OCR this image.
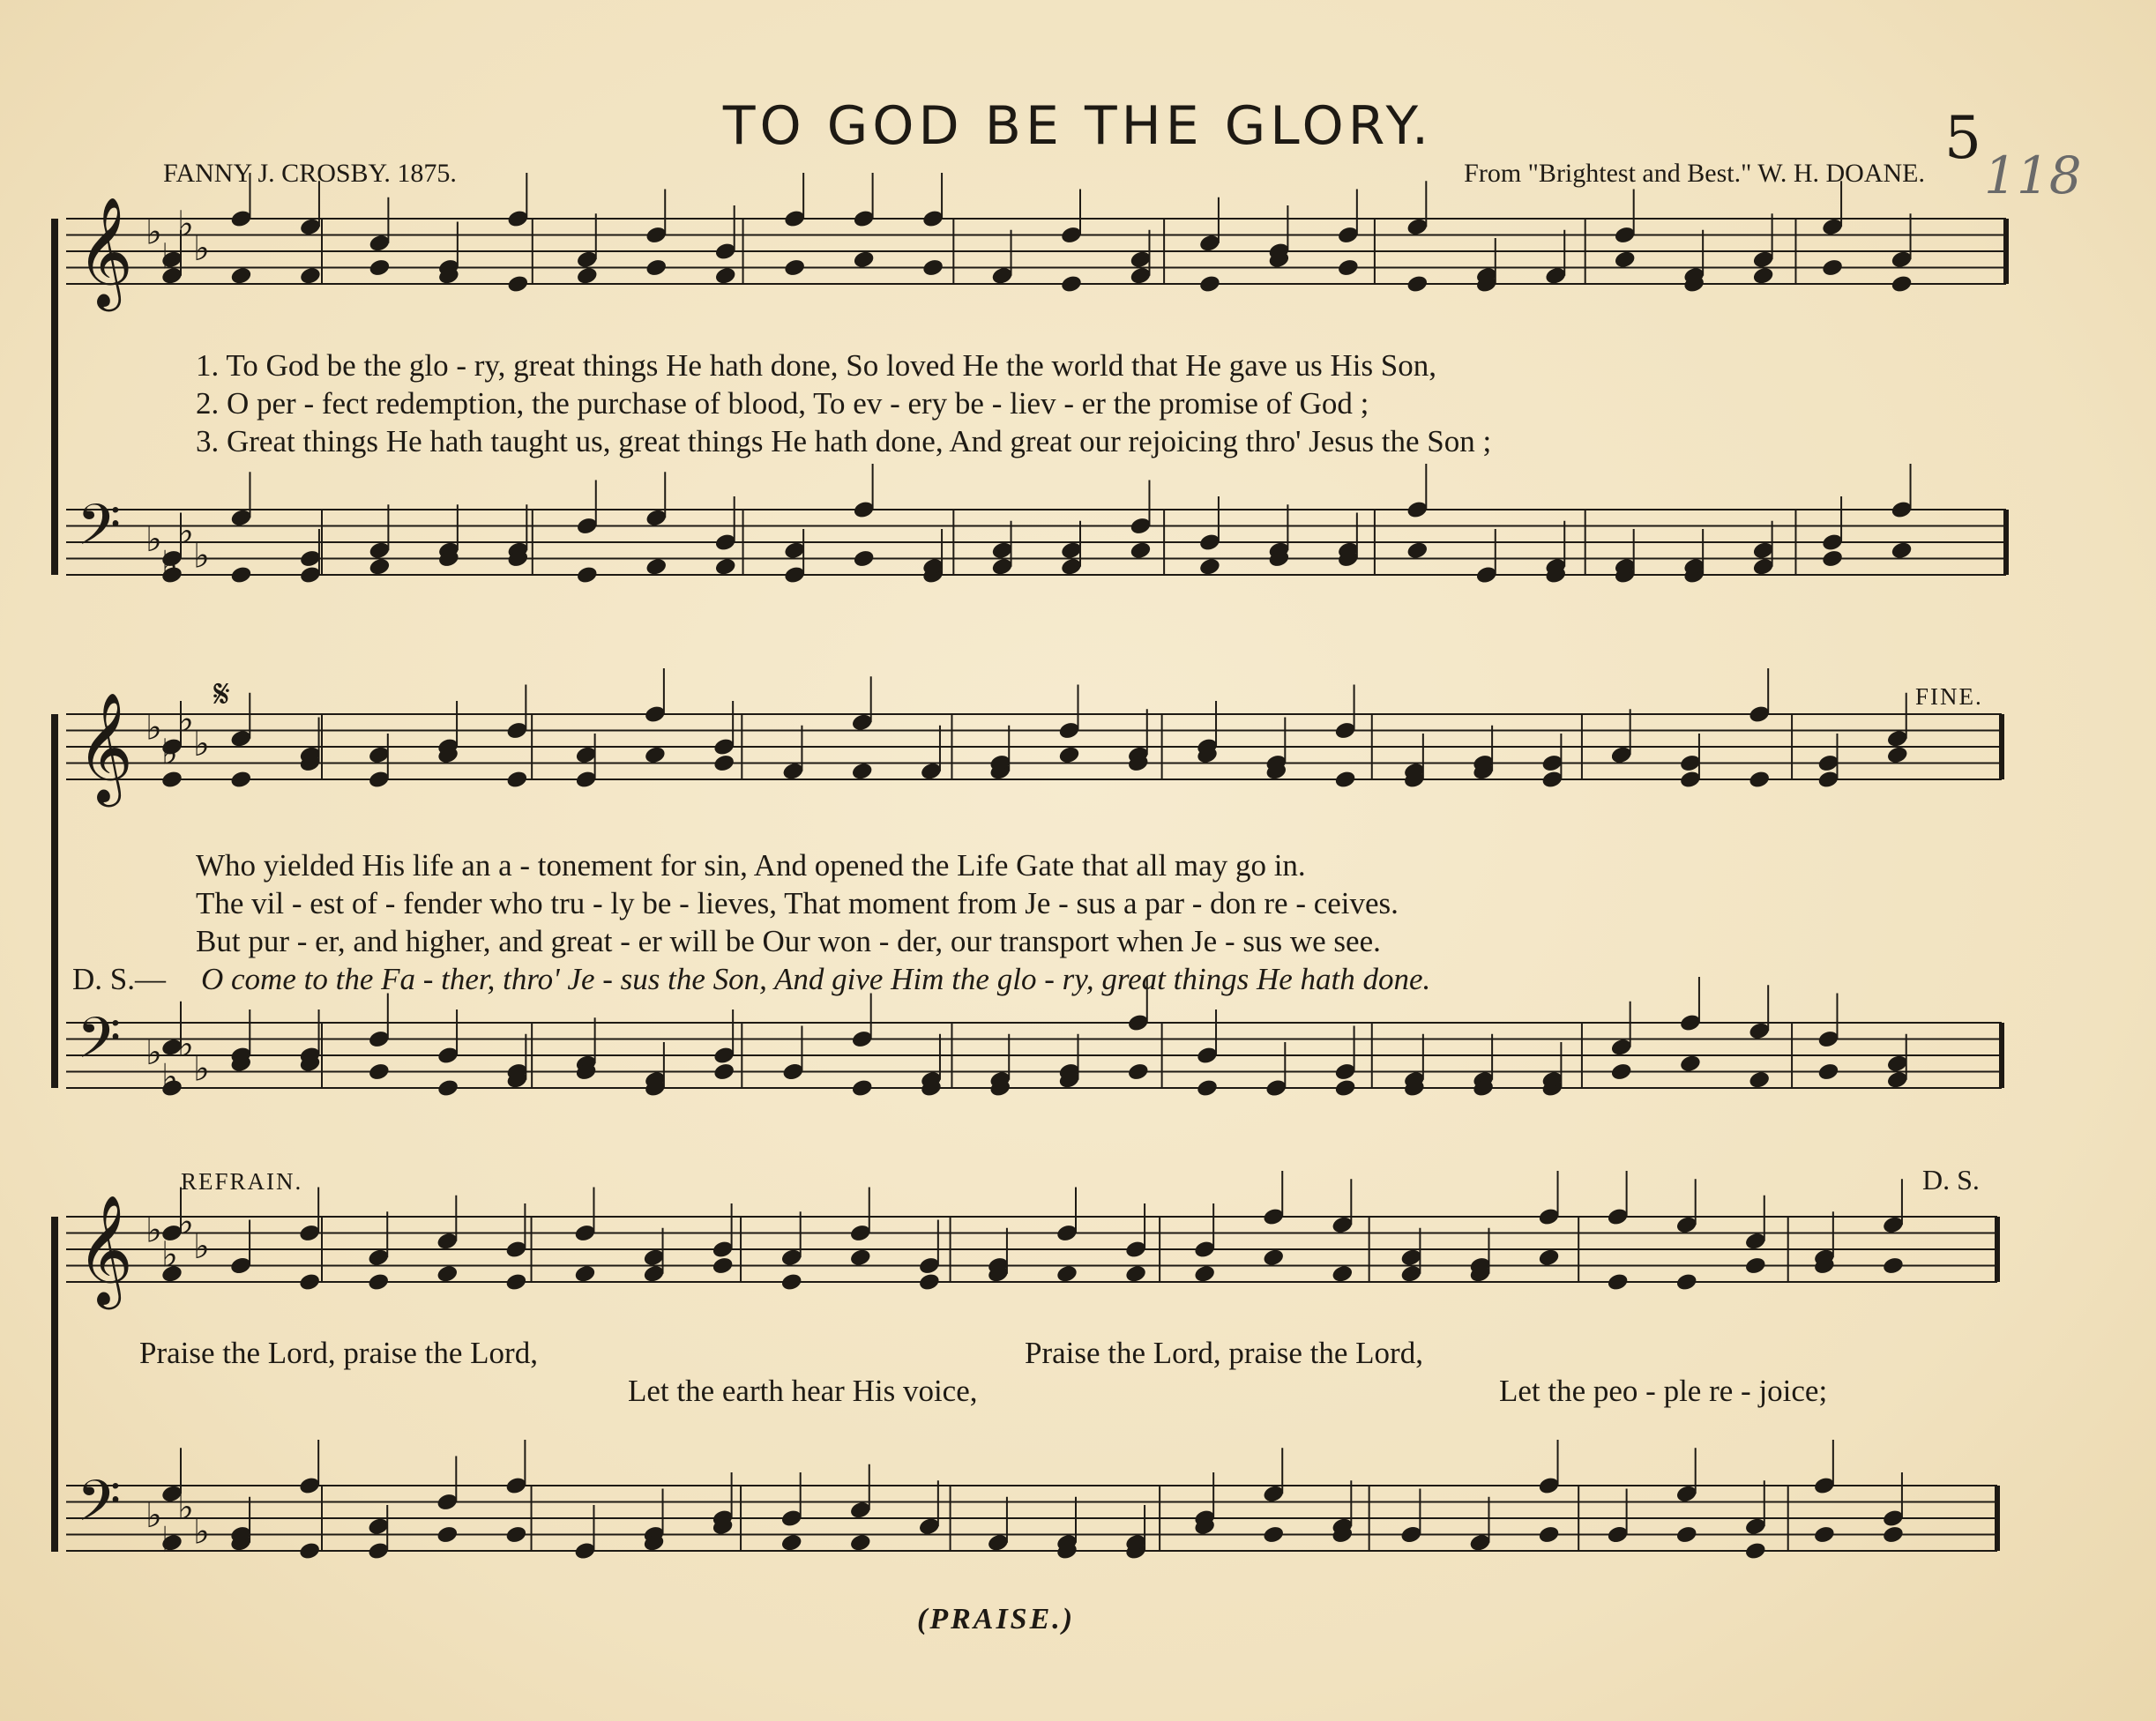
TO GOD BE THE GLORY.	5
118
FANNY J. CROSBY. 1875.	From "Brightest and Best." W. H. DOANE.
𝄞 ♭
♭
♭
♭
𝄢 ♭
♭
♭
♭
𝄞 ♭
♭
♭
♭
𝄢 ♭
♭
♭
♭
𝄞 ♭
♭
♭
♭
𝄢 ♭
♭
♭
♭
𝄋
1. To God be the glo - ry, great things He hath done, So loved He the world that He gave us His Son,
2. O per - fect redemption, the purchase of blood, To ev - ery be - liev - er the promise of God ;
3. Great things He hath taught us, great things He hath done, And great our rejoicing thro' Jesus the Son ;
FINE.
Who yielded His life an a - tonement for sin, And opened the Life Gate that all may go in.
The vil - est of - fender who tru - ly be - lieves, That moment from Je - sus a par - don re - ceives.
But pur - er, and higher, and great - er will be Our won - der, our transport when Je - sus we see.
D. S.— O come to the Fa - ther, thro' Je - sus the Son, And give Him the glo - ry, great things He hath done.
REFRAIN.	D. S.
Praise the Lord, praise the Lord,	Praise the Lord, praise the Lord,
Let the earth hear His voice,	Let the peo - ple re - joice;
(PRAISE.)
